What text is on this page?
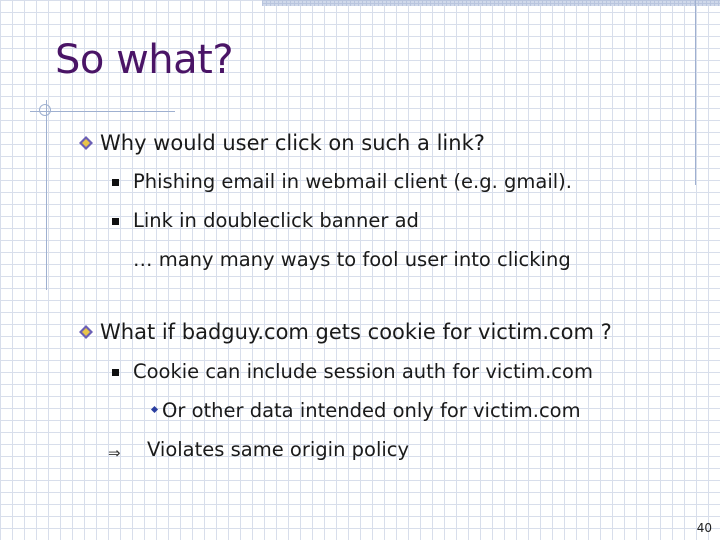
So what?
Why would user click on such a link?
Phishing email in webmail client (e.g. gmail).
Link in doubleclick banner ad
… many many ways to fool user into clicking
What if badguy.com gets cookie for victim.com ?
Cookie can include session auth for victim.com
Or other data intended only for victim.com
⇒ Violates same origin policy
40
